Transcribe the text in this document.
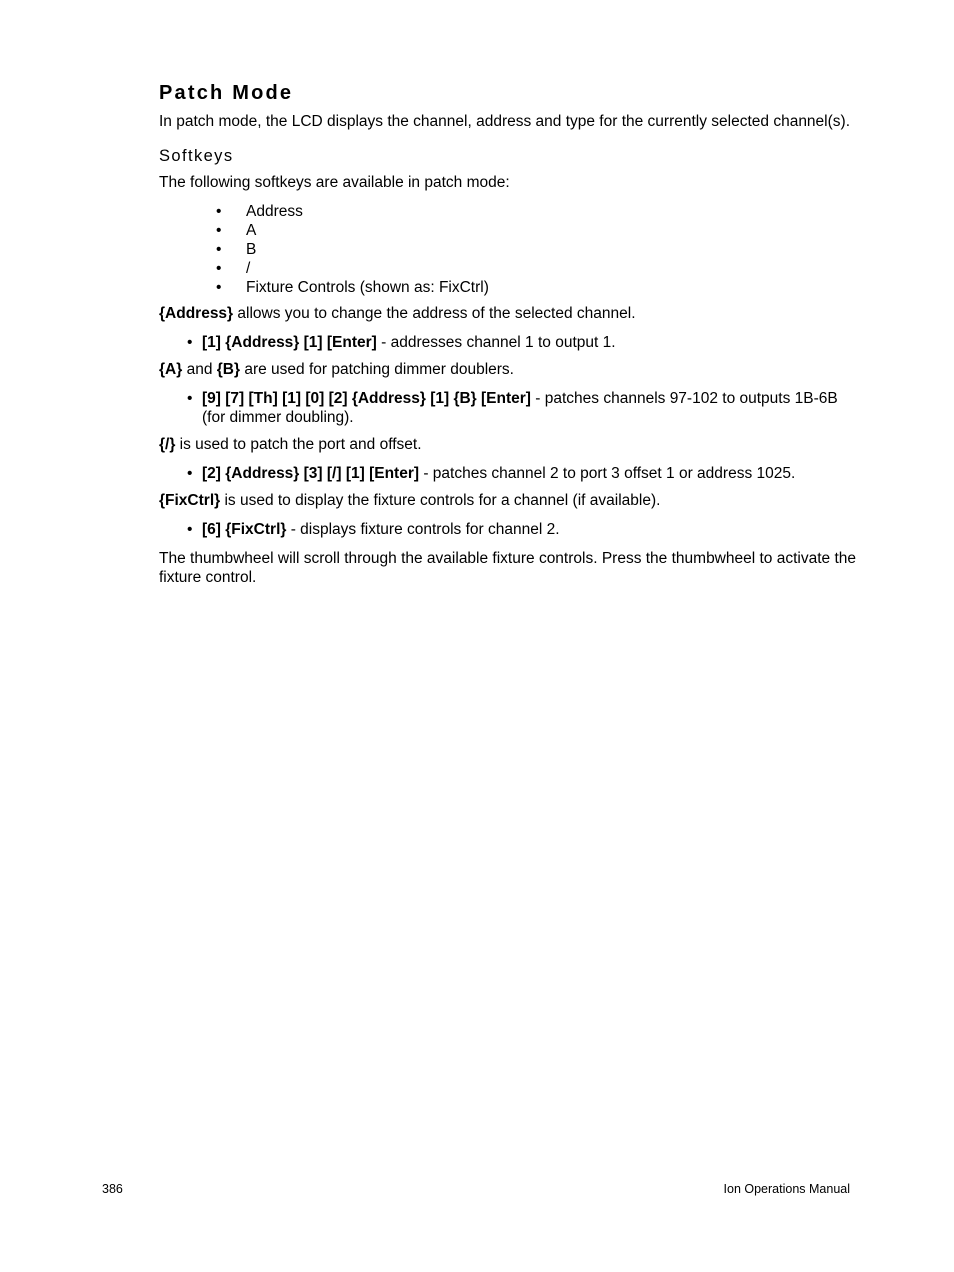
Patch Mode

In patch mode, the LCD displays the channel, address and type for the currently selected channel(s).

Softkeys

The following softkeys are available in patch mode:

• Address
• A
• B
• /
• Fixture Controls (shown as: FixCtrl)

{Address} allows you to change the address of the selected channel.

• [1] {Address} [1] [Enter] - addresses channel 1 to output 1.

{A} and {B} are used for patching dimmer doublers.

• [9] [7] [Th] [1] [0] [2] {Address} [1] {B} [Enter] - patches channels 97-102 to outputs 1B-6B (for dimmer doubling).

{/} is used to patch the port and offset.

• [2] {Address} [3] [/] [1] [Enter] - patches channel 2 to port 3 offset 1 or address 1025.

{FixCtrl} is used to display the fixture controls for a channel (if available).

• [6] {FixCtrl} - displays fixture controls for channel 2.

The thumbwheel will scroll through the available fixture controls. Press the thumbwheel to activate the fixture control.

386	Ion Operations Manual
